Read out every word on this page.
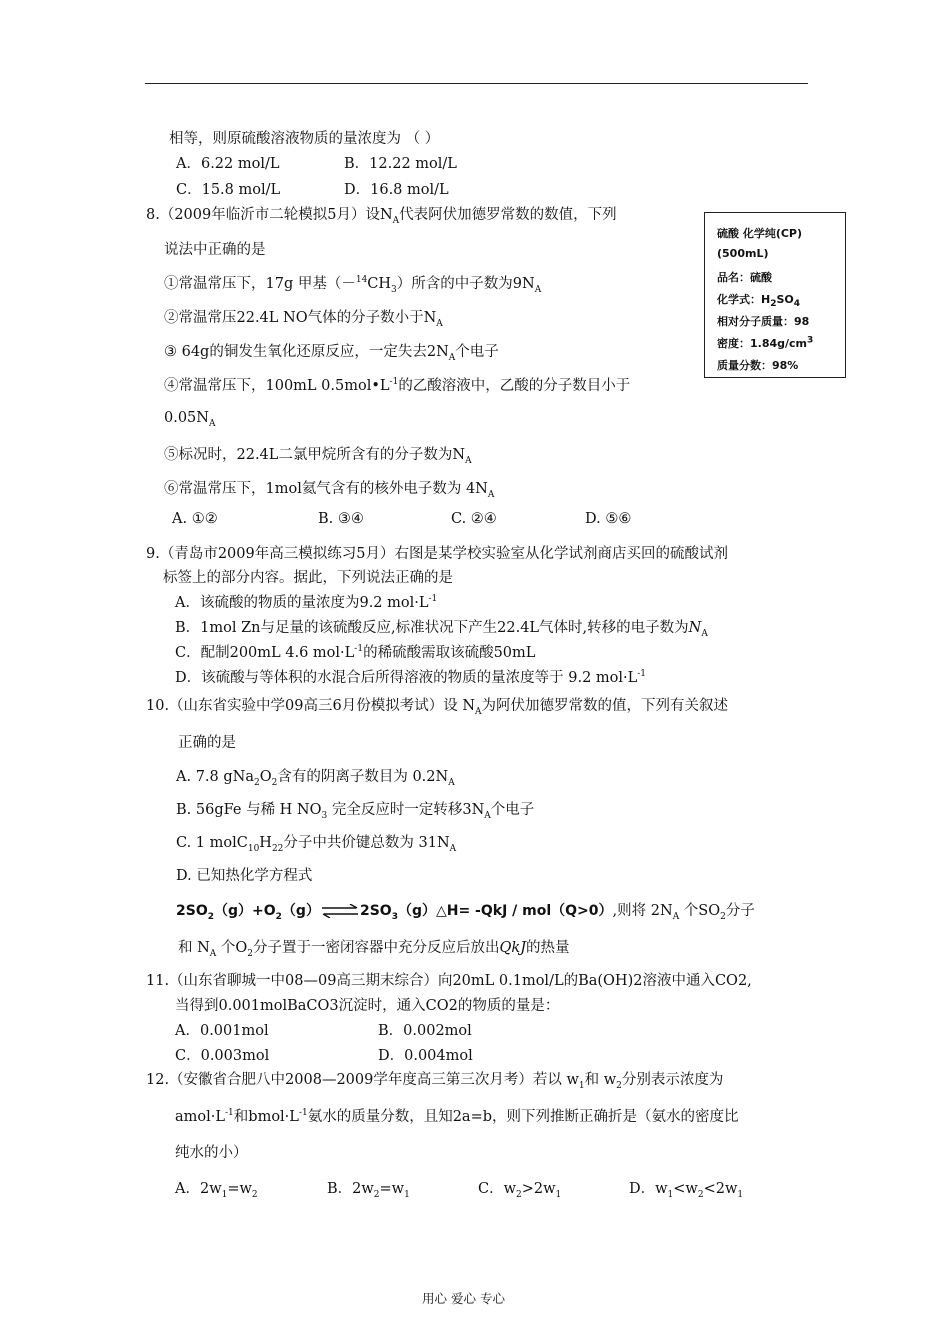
相等，则原硫酸溶液物质的量浓度为 （ ）
A．6.22 mol/L	B．12.22 mol/L
C．15.8 mol/L	D．16.8 mol/L
8.（2009年临沂市二轮模拟5月）设$N_A$代表阿伏加德罗常数的数值，下列
说法中正确的是
①常温常压下，17g 甲基$(-^{14}CH_3)$所含的中子数为$9N_A$
②常温常压22.4L NO气体的分子数小于$N_A$
③ 64g的铜发生氧化还原反应，一定失去$2N_A$个电子
④常温常压下，100mL $0.5mol•L^{-1}$的乙酸溶液中，乙酸的分子数目小于
$0.05N_A$
⑤标况时，22.4L二氯甲烷所含有的分子数为$N_A$
⑥常温常压下，1mol氦气含有的核外电子数为 $4N_A$
A. ①②	B. ③④	C. ②④	D. ⑤⑥
硫酸 化学纯(CP)
(500mL)
品名：硫酸
化学式：$H_2SO_4$
相对分子质量：98
密度：$1.84g/cm^3$
质量分数：98%
9.（青岛市2009年高三模拟练习5月）右图是某学校实验室从化学试剂商店买回的硫酸试剂
标签上的部分内容。据此，下列说法正确的是
A．该硫酸的物质的量浓度为9.2 $mol\cdot L^{-1}$
B．1mol Zn与足量的该硫酸反应,标准状况下产生22.4L气体时,转移的电子数为$N_A$
C．配制200mL 4.6 $mol\cdot L^{-1}$的稀硫酸需取该硫酸50mL
D．该硫酸与等体积的水混合后所得溶液的物质的量浓度等于 9.2 $mol\cdot L^{-1}$
10.（山东省实验中学09高三6月份模拟考试）设 $N_A$为阿伏加德罗常数的值，下列有关叙述
正确的是
A. 7.8 $gNa_2O_2$含有的阴离子数目为 $0.2N_A$
B. 56gFe 与稀 H $NO_3$ 完全反应时一定转移$3N_A$个电子
C. 1 $molC_{10}H_{22}$分子中共价键总数为 $31N_A$
D. 已知热化学方程式
$2SO_2(g)+O_2(g)\rightleftharpoons 2SO_3(g)\triangle H= -QkJ / mol(Q>0)$,则将 $2N_A$ 个$SO_2$分子
和 $N_A$ 个$O_2$分子置于一密闭容器中充分反应后放出QkJ的热量
11.（山东省聊城一中08—09高三期末综合）向20mL 0.1mol/L的Ba(OH)2溶液中通入CO2,
当得到0.001molBaCO3沉淀时，通入CO2的物质的量是：
A．0.001mol	B．0.002mol
C．0.003mol	D．0.004mol
12.（安徽省合肥八中2008—2009学年度高三第三次月考）若以 $w_1$和 $w_2$分别表示浓度为
$amol\cdot L^{-1}$和$bmol\cdot L^{-1}$氨水的质量分数，且知2a=b，则下列推断正确折是（氨水的密度比
纯水的小）
A．$2w_1=w_2$	B．$2w_2=w_1$	C．$w_2>2w_1$	D．$w_1<w_2<2w_1$
用心 爱心 专心
